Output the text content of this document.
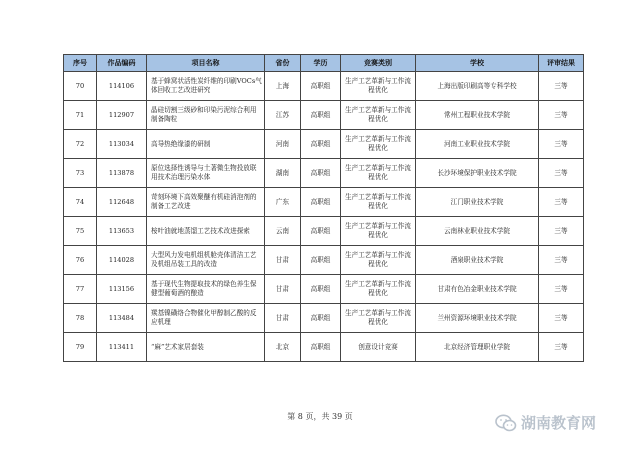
序号	作品编码	项目名称	省份	学历	竞赛类别	学校	评审结果
70	114106	基于蜂窝状活性炭纤维的印刷VOCs气体回收工艺改进研究	上海	高职组	生产工艺革新与工作流程优化	上海出版印刷高等专科学校	三等
71	112907	晶硅切割三级砂和印染污泥综合利用制备陶粒	江苏	高职组	生产工艺革新与工作流程优化	常州工程职业技术学院	三等
72	113034	高导热绝缘漆的研制	河南	高职组	生产工艺革新与工作流程优化	河南工业职业技术学院	三等
73	113878	原位选择性诱导与土著微生物投放联用技术治理污染水体	湖南	高职组	生产工艺革新与工作流程优化	长沙环境保护职业技术学院	三等
74	112648	苛刻环境下高效聚醚有机硅消泡剂的制备工艺改进	广东	高职组	生产工艺革新与工作流程优化	江门职业技术学院	三等
75	113653	桉叶油就地蒸馏工艺技术改进探索	云南	高职组	生产工艺革新与工作流程优化	云南林业职业技术学院	三等
76	114028	大型风力发电机组机舱壳体清洁工艺及机组吊装工具的改造	甘肃	高职组	生产工艺革新与工作流程优化	酒泉职业技术学院	三等
77	113156	基于现代生物提取技术的绿色养生保健型葡萄酒的酿造	甘肃	高职组	生产工艺革新与工作流程优化	甘肃有色冶金职业技术学院	三等
78	113484	羰基镍磺络合物催化甲醇制乙酸的反应机理	甘肃	高职组	生产工艺革新与工作流程优化	兰州资源环境职业技术学院	三等
79	113411	“麻”艺术家居套装	北京	高职组	创意设计竞赛	北京经济管理职业学院	三等
第 8 页，共 39 页	湖南教育网
